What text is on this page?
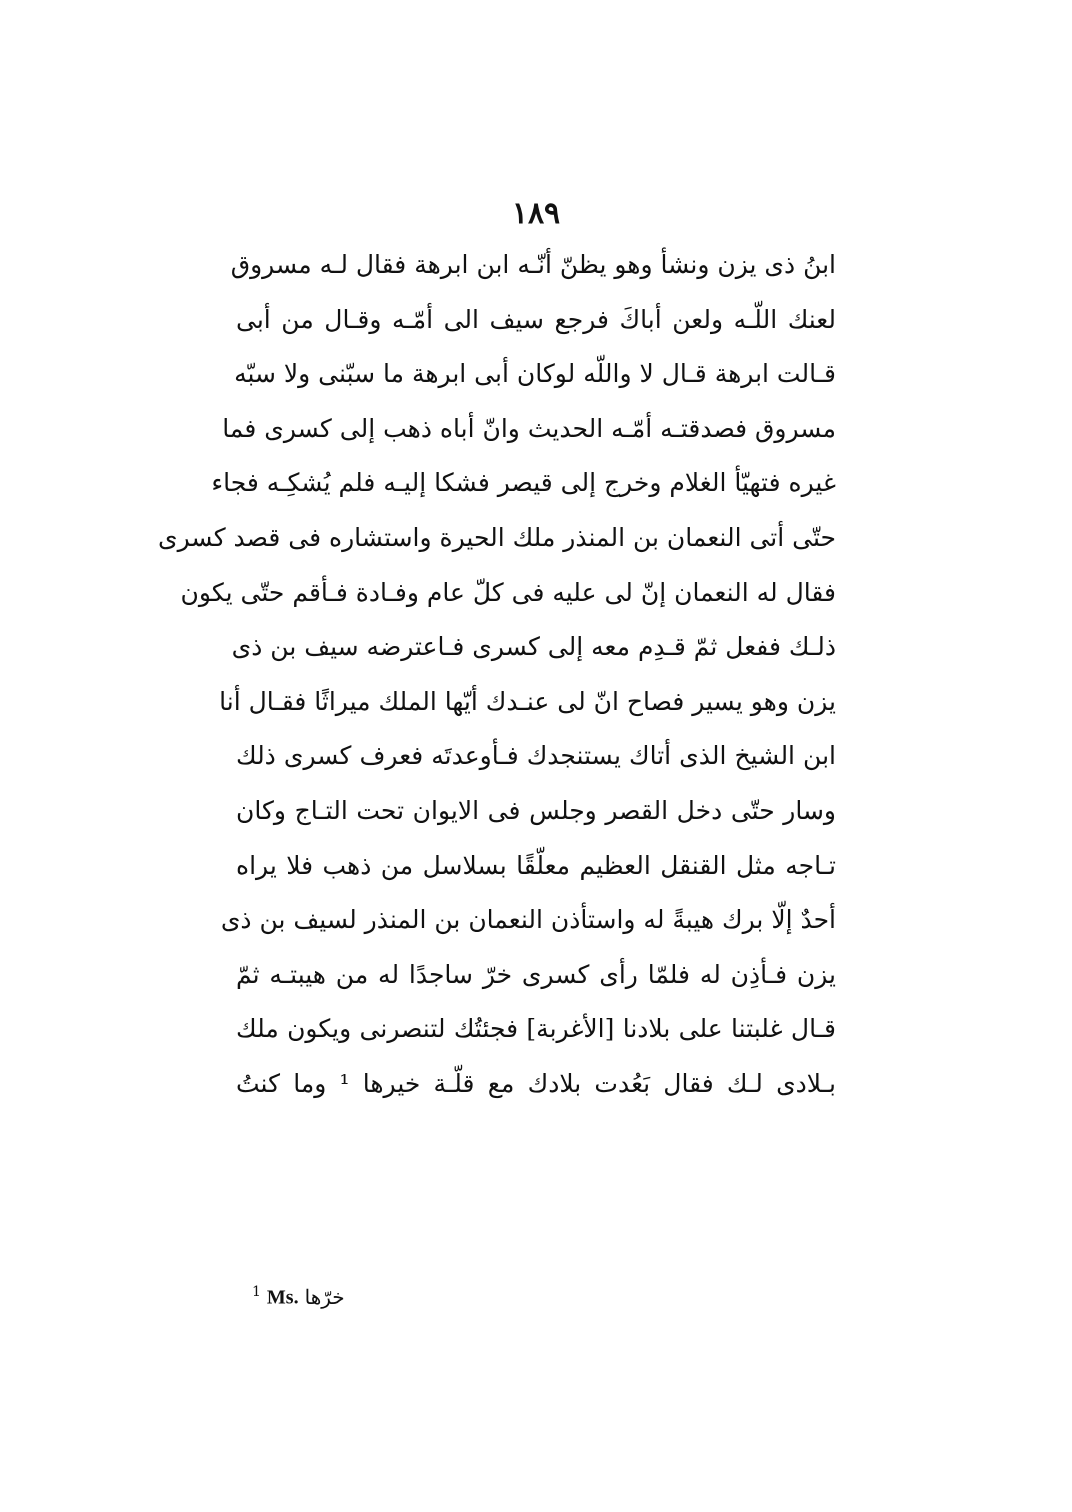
١٨٩
ابنُ ذى يزن ونشأ وهو يظنّ أنّـه ابن ابرهة فقال لـه مسروق
لعنك اللّـه ولعن أباكَ فرجع سيف الى أمّـه وقـال من أبى
قـالت ابرهة قـال لا واللّه لوكان أبى ابرهة ما سبّنى ولا سبّه
مسروق فصدقتـه أمّـه الحديث وانّ أباه ذهب إلى كسرى فما
غيره فتهيّأ الغلام وخرج إلى قيصر فشكا إليـه فلم يُشكِـه فجاء
حتّى أتى النعمان بن المنذر ملك الحيرة واستشاره فى قصد كسرى
فقال له النعمان إنّ لى عليه فى كلّ عام وفـادة فـأقم حتّى يكون
ذلـك ففعل ثمّ قـدِم معه إلى كسرى فـاعترضه سيف بن ذى
يزن وهو يسير فصاح انّ لى عنـدك أيّها الملك ميراثًا فقـال أنا
ابن الشيخ الذى أتاك يستنجدك فـأوعدتَه فعرف كسرى ذلك
وسار حتّى دخل القصر وجلس فى الايوان تحت التـاج وكان
تـاجه مثل القنقل العظيم معلّقًا بسلاسل من ذهب فلا يراه
أحدٌ إلّا برك هيبةً له واستأذن النعمان بن المنذر لسيف بن ذى
يزن فـأذِن له فلمّا رأى كسرى خرّ ساجدًا له من هيبتـه ثمّ
قـال غلبتنا على بلادنا [الأغربة] فجئتُك لتنصرنى ويكون ملك
بـلادى لـك فقال بَعُدت بلادك مع قلّـة خيرها ¹ وما كنتُ
$^1$ Ms. خرّها
